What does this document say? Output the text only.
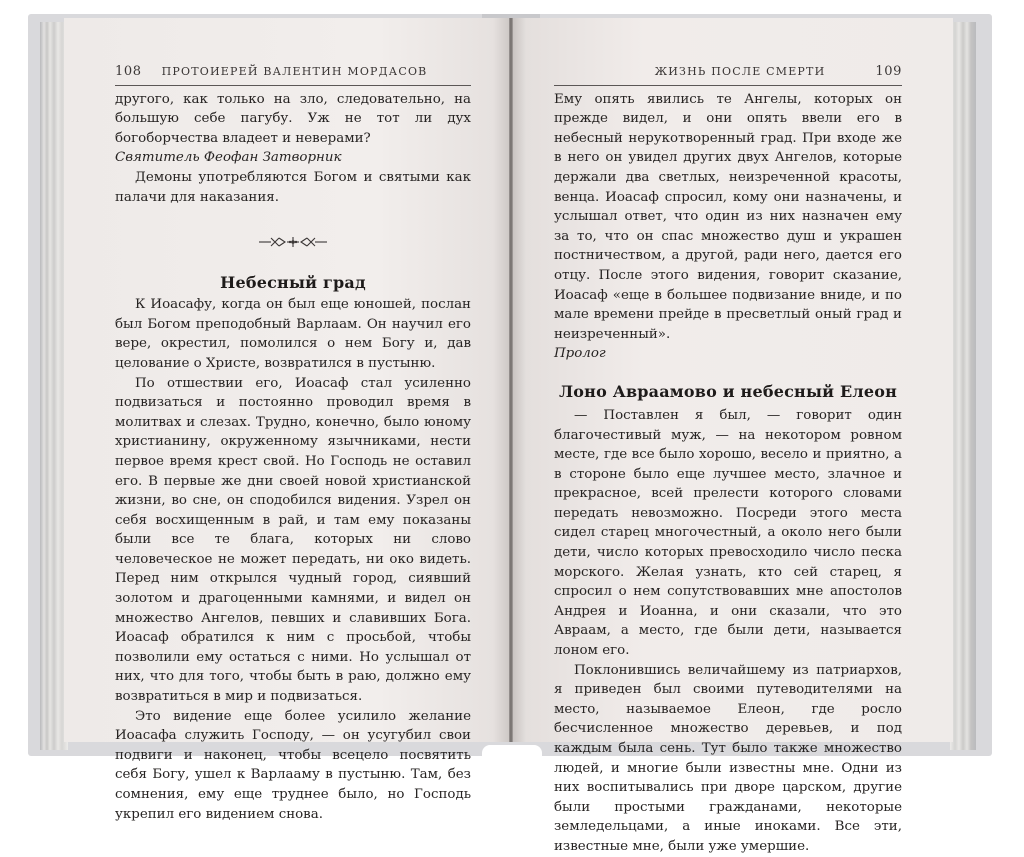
108 ПРОТОИЕРЕЙ ВАЛЕНТИН МОРДАСОВ

другого, как только на зло, следовательно, на большую себе пагубу. Уж не тот ли дух богоборчества владеет и неверами?

Святитель Феофан Затворник

Демоны употребляются Богом и святыми как палачи для наказания.

Небесный град

К Иоасафу, когда он был еще юношей, послан был Богом преподобный Варлаам. Он научил его вере, окрестил, помолился о нем Богу и, дав целование о Христе, возвратился в пустыню.

По отшествии его, Иоасаф стал усиленно подвизаться и постоянно проводил время в молитвах и слезах. Трудно, конечно, было юному христианину, окруженному язычниками, нести первое время крест свой. Но Господь не оставил его. В первые же дни своей новой христианской жизни, во сне, он сподобился видения. Узрел он себя восхищенным в рай, и там ему показаны были все те блага, которых ни слово человеческое не может передать, ни око видеть. Перед ним открылся чудный город, сиявший золотом и драгоценными камнями, и видел он множество Ангелов, певших и славивших Бога. Иоасаф обратился к ним с просьбой, чтобы позволили ему остаться с ними. Но услышал от них, что для того, чтобы быть в раю, должно ему возвратиться в мир и подвизаться.

Это видение еще более усилило желание Иоасафа служить Господу, — он усугубил свои подвиги и наконец, чтобы всецело посвятить себя Богу, ушел к Варлааму в пустыню. Там, без сомнения, ему еще труднее было, но Господь укрепил его видением снова.

ЖИЗНЬ ПОСЛЕ СМЕРТИ	109

Ему опять явились те Ангелы, которых он прежде видел, и они опять ввели его в небесный нерукотворенный град. При входе же в него он увидел других двух Ангелов, которые держали два светлых, неизреченной красоты, венца. Иоасаф спросил, кому они назначены, и услышал ответ, что один из них назначен ему за то, что он спас множество душ и украшен постничеством, а другой, ради него, дается его отцу. После этого видения, говорит сказание, Иоасаф «еще в большее подвизание вниде, и по мале времени прейде в пресветлый оный град и неизреченный».

Пролог

Лоно Авраамово и небесный Елеон

— Поставлен я был, — говорит один благочестивый муж, — на некотором ровном месте, где все было хорошо, весело и приятно, а в стороне было еще лучшее место, злачное и прекрасное, всей прелести которого словами передать невозможно. Посреди этого места сидел старец многочестный, а около него были дети, число которых превосходило число песка морского. Желая узнать, кто сей старец, я спросил о нем сопутствовавших мне апостолов Андрея и Иоанна, и они сказали, что это Авраам, а место, где были дети, называется лоном его.

Поклонившись величайшему из патриархов, я приведен был своими путеводителями на место, называемое Елеон, где росло бесчисленное множество деревьев, и под каждым была сень. Тут было также множество людей, и многие были известны мне. Одни из них воспитывались при дворе царском, другие были простыми гражданами, некоторые земледельцами, а иные иноками. Все эти, известные мне, были уже умершие.
